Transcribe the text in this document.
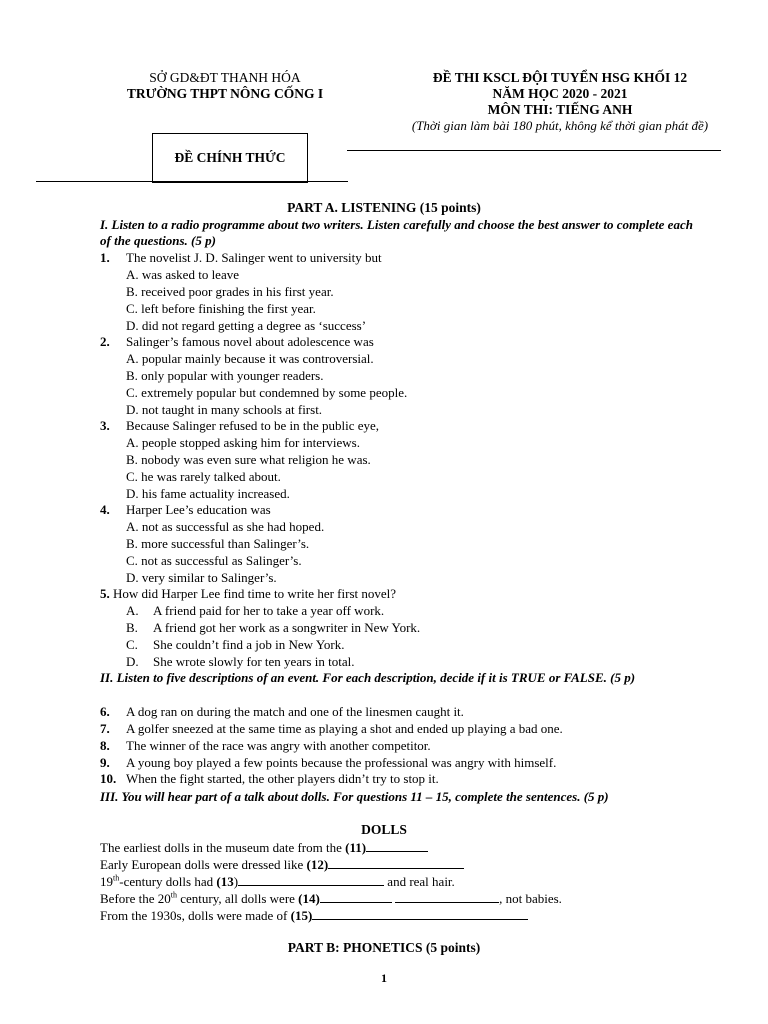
SỞ GD&ĐT THANH HÓA
TRƯỜNG THPT NÔNG CỐNG I
ĐỀ THI KSCL ĐỘI TUYỂN HSG KHỐI 12
NĂM HỌC 2020 - 2021
MÔN THI: TIẾNG ANH
(Thời gian làm bài 180 phút, không kể thời gian phát đề)
ĐỀ CHÍNH THỨC
PART A. LISTENING (15 points)
I. Listen to a radio programme about two writers. Listen carefully and choose the best answer to complete each of the questions. (5 p)
1. The novelist J. D. Salinger went to university but
A. was asked to leave
B. received poor grades in his first year.
C. left before finishing the first year.
D. did not regard getting a degree as ‘success’
2. Salinger’s famous novel about adolescence was
A. popular mainly because it was controversial.
B. only popular with younger readers.
C. extremely popular but condemned by some people.
D. not taught in many schools at first.
3. Because Salinger refused to be in the public eye,
A. people stopped asking him for interviews.
B. nobody was even sure what religion he was.
C. he was rarely talked about.
D. his fame actuality increased.
4. Harper Lee’s education was
A. not as successful as she had hoped.
B. more successful than Salinger’s.
C. not as successful as Salinger’s.
D. very similar to Salinger’s.
5. How did Harper Lee find time to write her first novel?
A. A friend paid for her to take a year off work.
B. A friend got her work as a songwriter in New York.
C. She couldn’t find a job in New York.
D. She wrote slowly for ten years in total.
II. Listen to five descriptions of an event. For each description, decide if it is TRUE or FALSE. (5 p)
6. A dog ran on during the match and one of the linesmen caught it.
7. A golfer sneezed at the same time as playing a shot and ended up playing a bad one.
8. The winner of the race was angry with another competitor.
9. A young boy played a few points because the professional was angry with himself.
10. When the fight started, the other players didn’t try to stop it.
III. You will hear part of a talk about dolls. For questions 11 – 15, complete the sentences. (5 p)
DOLLS
The earliest dolls in the museum date from the (11)
Early European dolls were dressed like (12)
19th-century dolls had (13)	and real hair.
Before the 20th century, all dolls were (14)	, not babies.
From the 1930s, dolls were made of (15)
PART B: PHONETICS (5 points)
1
